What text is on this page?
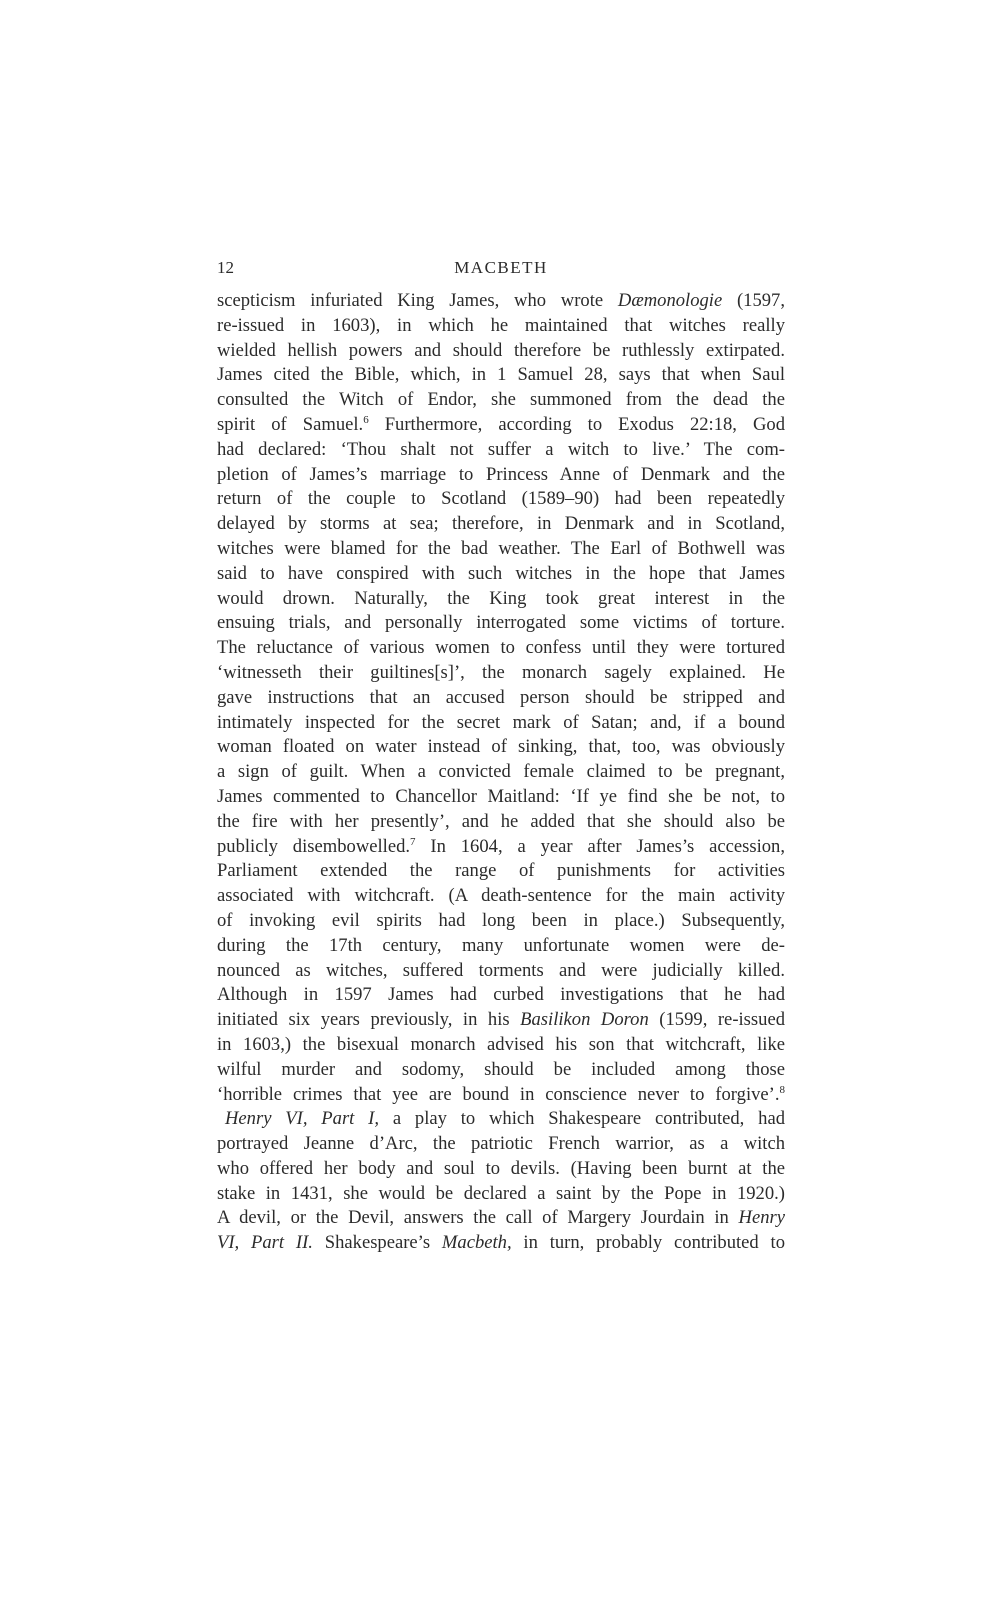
12	MACBETH
scepticism infuriated King James, who wrote Dæmonologie (1597,
re-issued in 1603), in which he maintained that witches really
wielded hellish powers and should therefore be ruthlessly extirpated.
James cited the Bible, which, in 1 Samuel 28, says that when Saul
consulted the Witch of Endor, she summoned from the dead the
spirit of Samuel.$^6$ Furthermore, according to Exodus 22:18, God
had declared: ‘Thou shalt not suffer a witch to live.’ The com-
pletion of James’s marriage to Princess Anne of Denmark and the
return of the couple to Scotland (1589–90) had been repeatedly
delayed by storms at sea; therefore, in Denmark and in Scotland,
witches were blamed for the bad weather. The Earl of Bothwell was
said to have conspired with such witches in the hope that James
would drown. Naturally, the King took great interest in the
ensuing trials, and personally interrogated some victims of torture.
The reluctance of various women to confess until they were tortured
‘witnesseth their guiltines[s]’, the monarch sagely explained. He
gave instructions that an accused person should be stripped and
intimately inspected for the secret mark of Satan; and, if a bound
woman floated on water instead of sinking, that, too, was obviously
a sign of guilt. When a convicted female claimed to be pregnant,
James commented to Chancellor Maitland: ‘If ye find she be not, to
the fire with her presently’, and he added that she should also be
publicly disembowelled.$^7$ In 1604, a year after James’s accession,
Parliament extended the range of punishments for activities
associated with witchcraft. (A death-sentence for the main activity
of invoking evil spirits had long been in place.) Subsequently,
during the 17th century, many unfortunate women were de-
nounced as witches, suffered torments and were judicially killed.
Although in 1597 James had curbed investigations that he had
initiated six years previously, in his Basilikon Doron (1599, re-issued
in 1603,) the bisexual monarch advised his son that witchcraft, like
wilful murder and sodomy, should be included among those
‘horrible crimes that yee are bound in conscience never to forgive’.$^8$
Henry VI, Part I, a play to which Shakespeare contributed, had
portrayed Jeanne d’Arc, the patriotic French warrior, as a witch
who offered her body and soul to devils. (Having been burnt at the
stake in 1431, she would be declared a saint by the Pope in 1920.)
A devil, or the Devil, answers the call of Margery Jourdain in Henry
VI, Part II. Shakespeare’s Macbeth, in turn, probably contributed to
